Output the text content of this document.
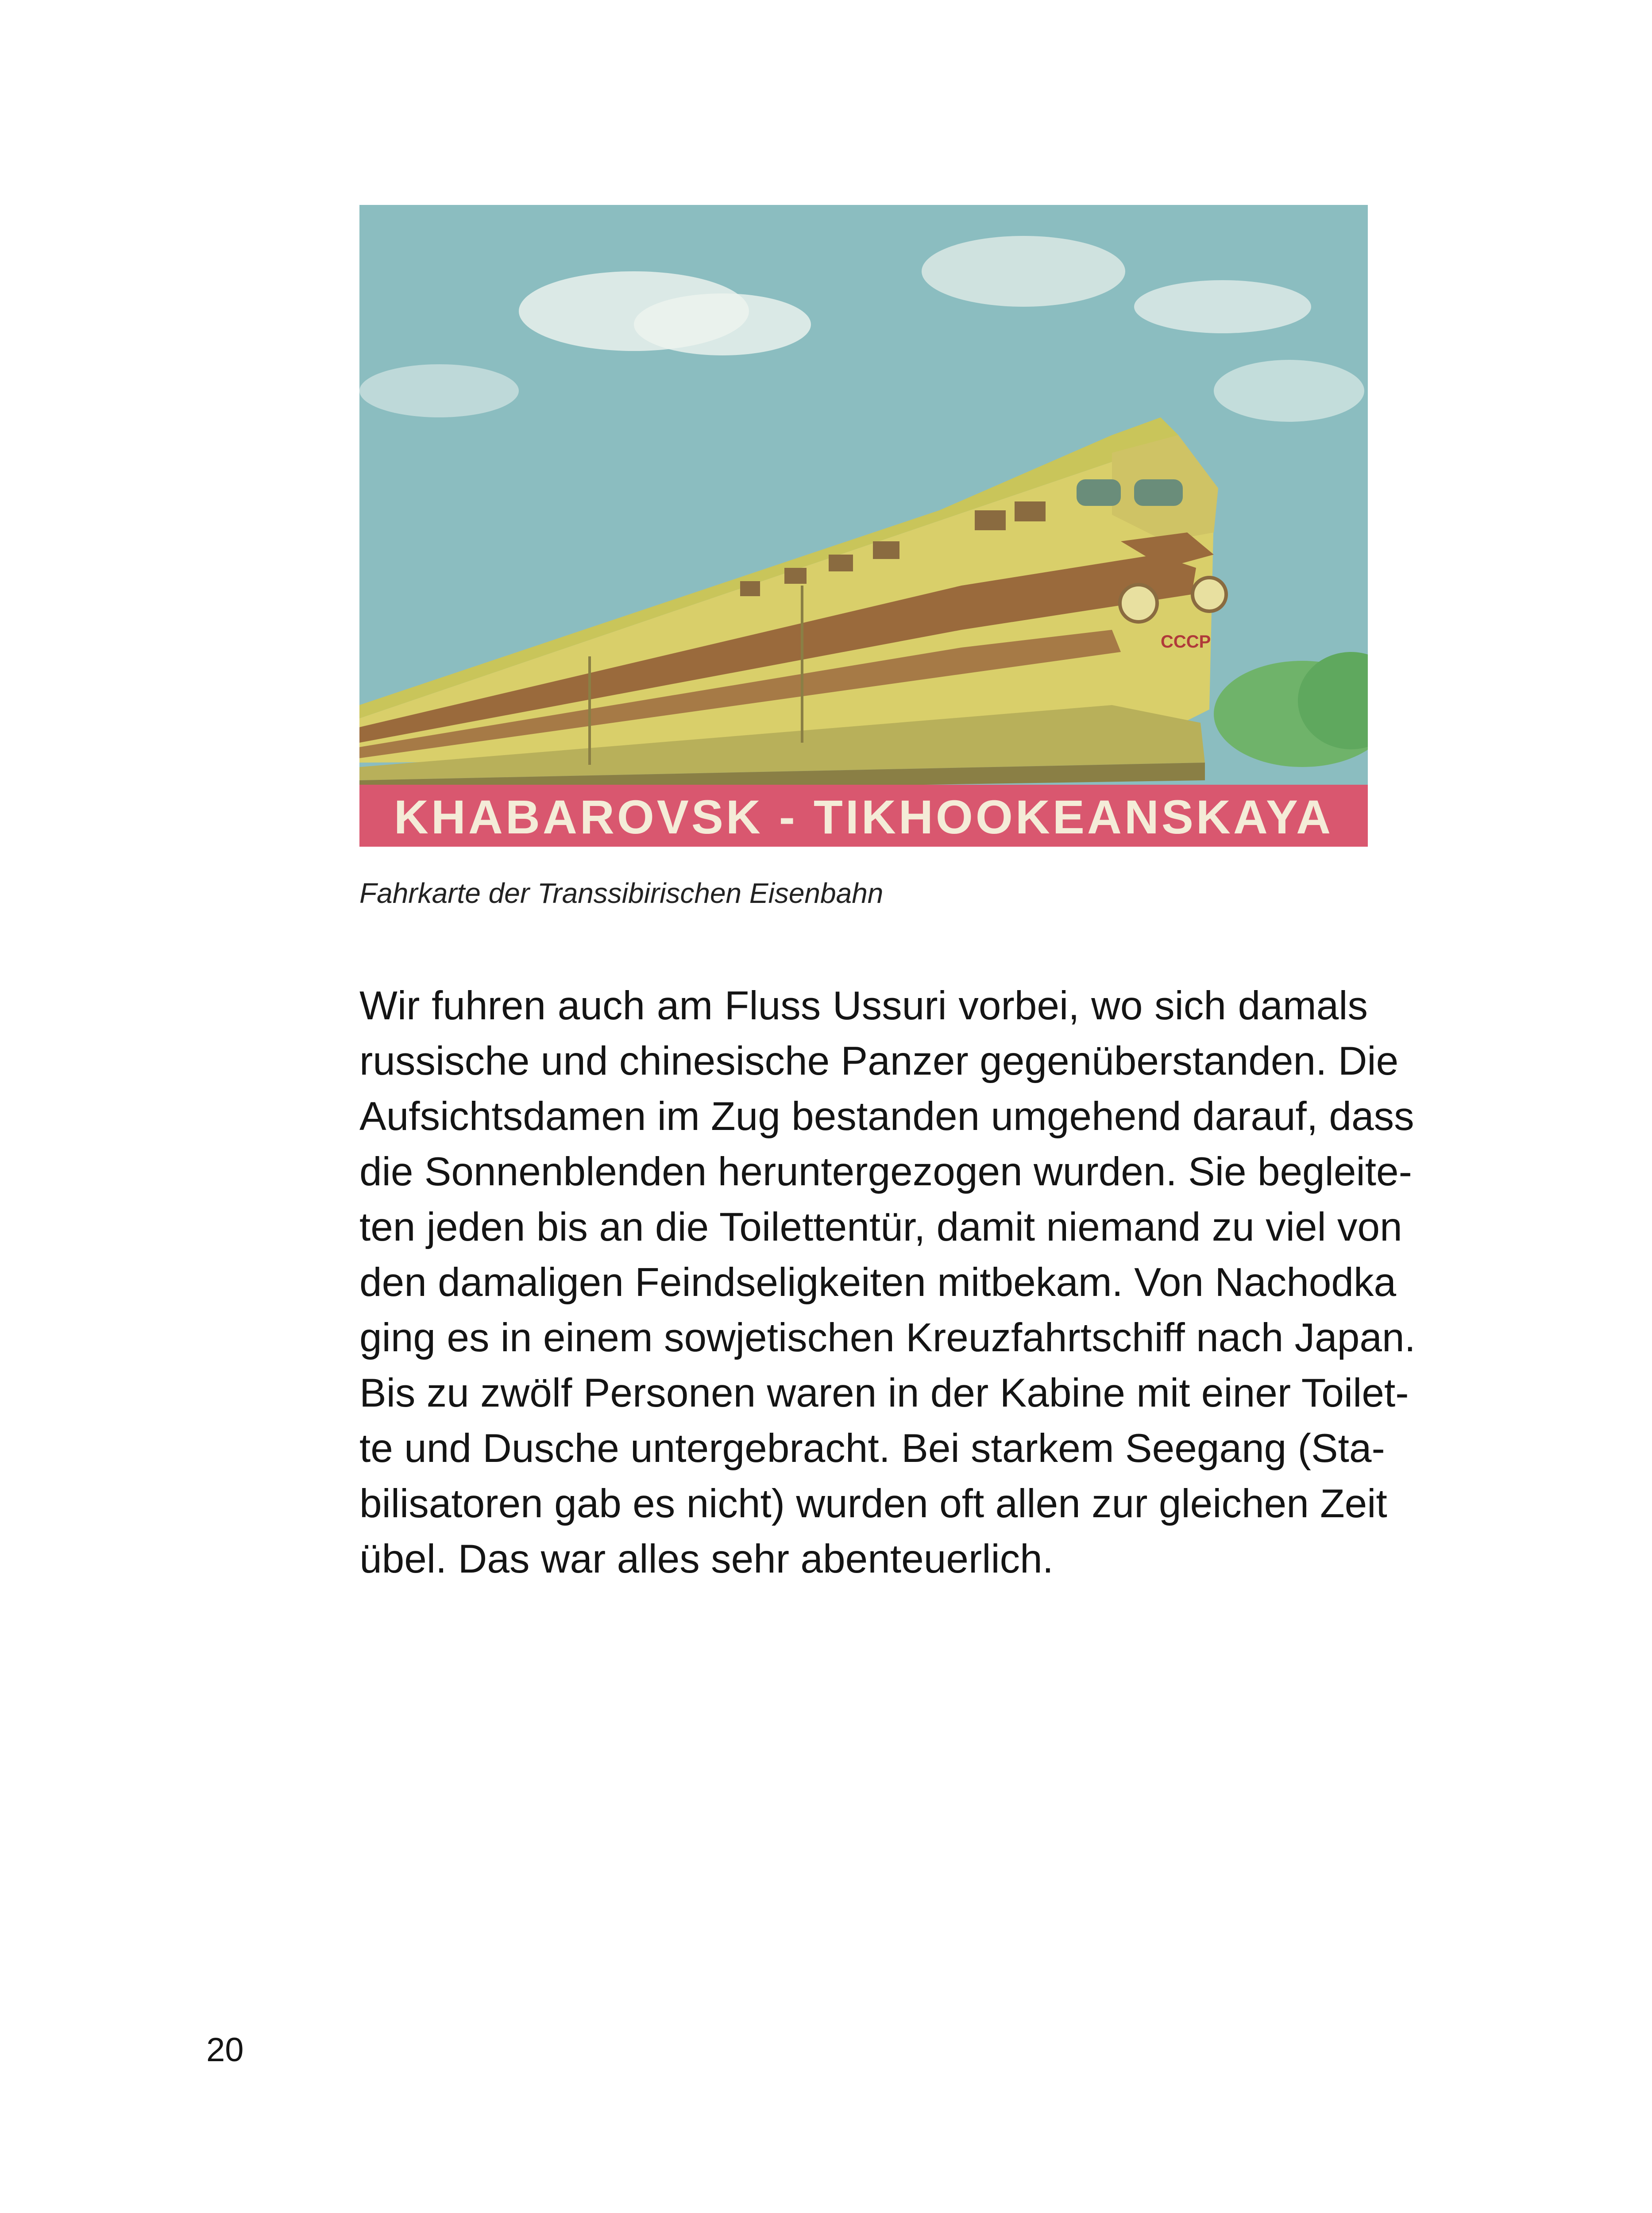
CCCP
KHABAROVSK - TIKHOOKEANSKAYA
Fahrkarte der Transsibirischen Eisenbahn
Wir fuhren auch am Fluss Ussuri vorbei, wo sich damals
russische und chinesische Panzer gegenüberstanden. Die
Aufsichtsdamen im Zug bestanden umgehend darauf, dass
die Sonnenblenden heruntergezogen wurden. Sie begleite-
ten jeden bis an die Toilettentür, damit niemand zu viel von
den damaligen Feindseligkeiten mitbekam. Von Nachodka
ging es in einem sowjetischen Kreuzfahrtschiff nach Japan.
Bis zu zwölf Personen waren in der Kabine mit einer Toilet-
te und Dusche untergebracht. Bei starkem Seegang (Sta-
bilisatoren gab es nicht) wurden oft allen zur gleichen Zeit
übel. Das war alles sehr abenteuerlich.
20
